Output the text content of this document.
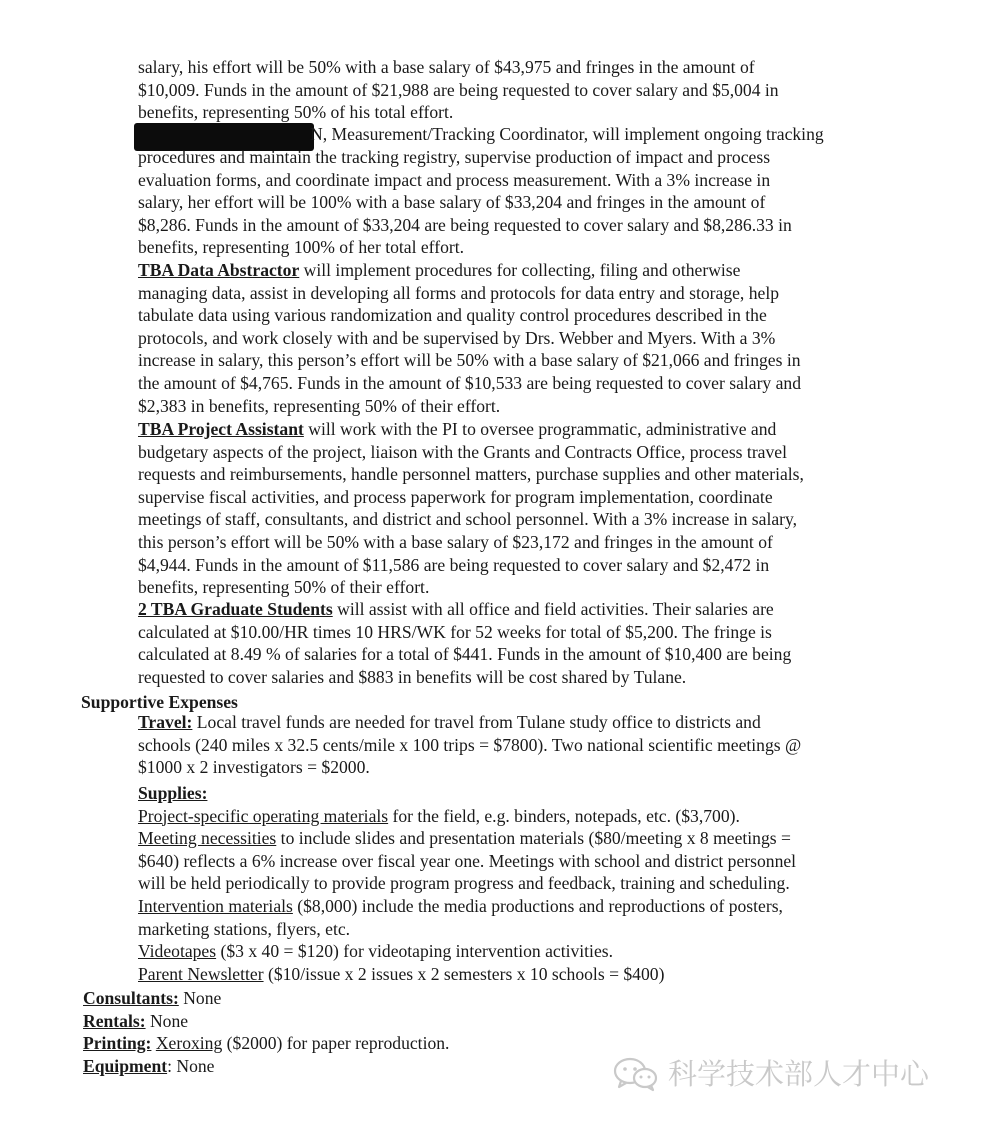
salary, his effort will be 50% with a base salary of $43,975 and fringes in the amount of
$10,009. Funds in the amount of $21,988 are being requested to cover salary and $5,004 in
benefits, representing 50% of his total effort.
N, Measurement/Tracking Coordinator, will implement ongoing tracking
procedures and maintain the tracking registry, supervise production of impact and process
evaluation forms, and coordinate impact and process measurement. With a 3% increase in
salary, her effort will be 100% with a base salary of $33,204 and fringes in the amount of
$8,286. Funds in the amount of $33,204 are being requested to cover salary and $8,286.33 in
benefits, representing 100% of her total effort.
TBA Data Abstractor will implement procedures for collecting, filing and otherwise
managing data, assist in developing all forms and protocols for data entry and storage, help
tabulate data using various randomization and quality control procedures described in the
protocols, and work closely with and be supervised by Drs. Webber and Myers. With a 3%
increase in salary, this person’s effort will be 50% with a base salary of $21,066 and fringes in
the amount of $4,765. Funds in the amount of $10,533 are being requested to cover salary and
$2,383 in benefits, representing 50% of their effort.
TBA Project Assistant will work with the PI to oversee programmatic, administrative and
budgetary aspects of the project, liaison with the Grants and Contracts Office, process travel
requests and reimbursements, handle personnel matters, purchase supplies and other materials,
supervise fiscal activities, and process paperwork for program implementation, coordinate
meetings of staff, consultants, and district and school personnel. With a 3% increase in salary,
this person’s effort will be 50% with a base salary of $23,172 and fringes in the amount of
$4,944. Funds in the amount of $11,586 are being requested to cover salary and $2,472 in
benefits, representing 50% of their effort.
2 TBA Graduate Students will assist with all office and field activities. Their salaries are
calculated at $10.00/HR times 10 HRS/WK for 52 weeks for total of $5,200. The fringe is
calculated at 8.49 % of salaries for a total of $441. Funds in the amount of $10,400 are being
requested to cover salaries and $883 in benefits will be cost shared by Tulane.
Supportive Expenses
Travel: Local travel funds are needed for travel from Tulane study office to districts and
schools (240 miles x 32.5 cents/mile x 100 trips = $7800). Two national scientific meetings @
$1000 x 2 investigators = $2000.
Supplies:
Project-specific operating materials for the field, e.g. binders, notepads, etc. ($3,700).
Meeting necessities to include slides and presentation materials ($80/meeting x 8 meetings =
$640) reflects a 6% increase over fiscal year one. Meetings with school and district personnel
will be held periodically to provide program progress and feedback, training and scheduling.
Intervention materials ($8,000) include the media productions and reproductions of posters,
marketing stations, flyers, etc.
Videotapes ($3 x 40 = $120) for videotaping intervention activities.
Parent Newsletter ($10/issue x 2 issues x 2 semesters x 10 schools = $400)
Consultants: None
Rentals: None
Printing: Xeroxing ($2000) for paper reproduction.
Equipment: None	科学技术部人才中心
